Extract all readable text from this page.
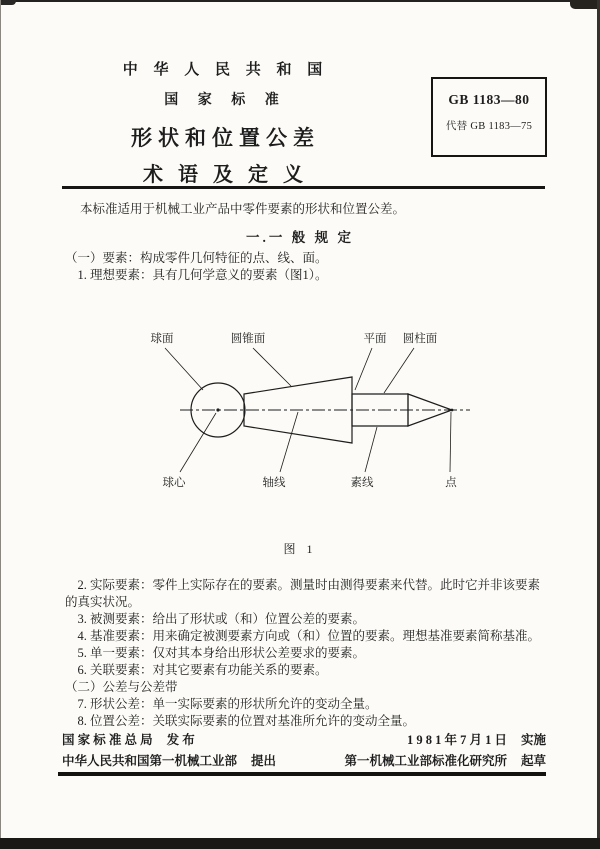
中 华 人 民 共 和 国
国 家 标 准
形状和位置公差
术 语 及 定 义
GB 1183—80
代替 GB 1183—75

本标准适用于机械工业产品中零件要素的形状和位置公差。

一.一 般 规 定

（一）要素：构成零件几何特征的点、线、面。

1. 理想要素：具有几何学意义的要素（图1）。

球面	圆锥面	平面 圆柱面
球心	轴线	素线	点
图 1

2. 实际要素：零件上实际存在的要素。测量时由测得要素来代替。此时它并非该要素的真实状况。

3. 被测要素：给出了形状或（和）位置公差的要素。

4. 基准要素：用来确定被测要素方向或（和）位置的要素。理想基准要素简称基准。

5. 单一要素：仅对其本身给出形状公差要求的要素。

6. 关联要素：对其它要素有功能关系的要素。

（二）公差与公差带

7. 形状公差：单一实际要素的形状所允许的变动全量。

8. 位置公差：关联实际要素的位置对基准所允许的变动全量。

国 家 标 准 总 局 发 布	1 9 8 1 年 7 月 1 日 实施
中华人民共和国第一机械工业部 提出	第一机械工业部标准化研究所 起草
